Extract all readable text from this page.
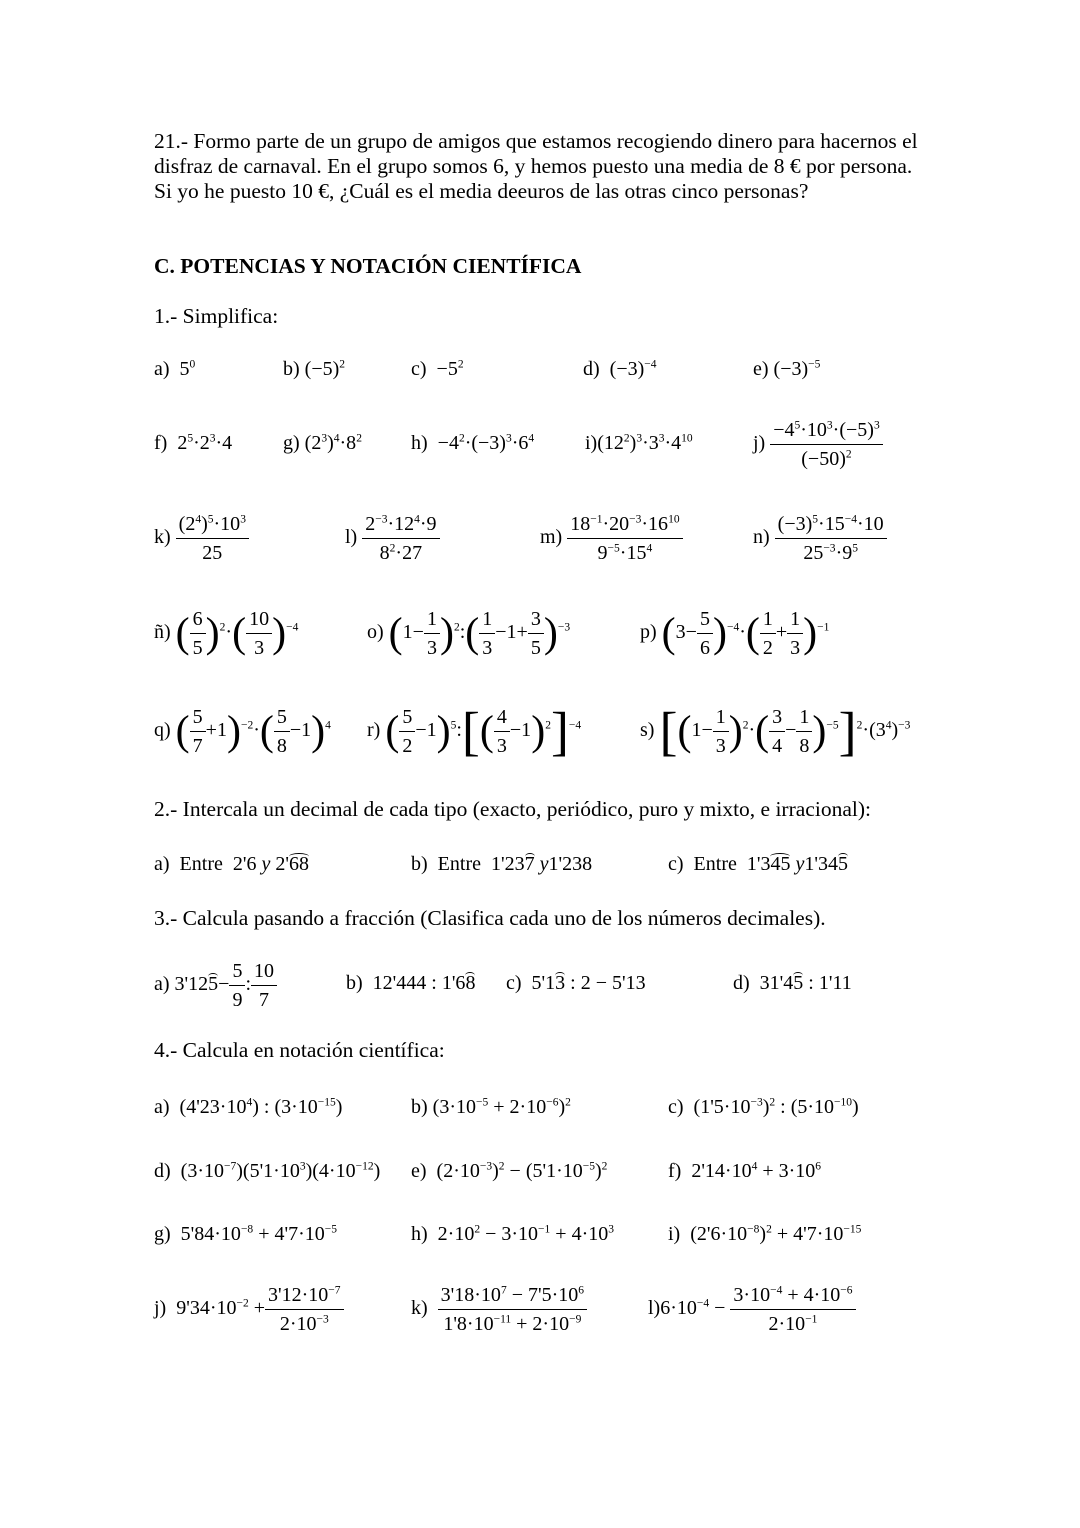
21.- Formo parte de un grupo de amigos que estamos recogiendo dinero para hacernos el disfraz de carnaval. En el grupo somos 6, y hemos puesto una media de 8 € por persona. Si yo he puesto 10 €, ¿Cuál es el media deeuros de las otras cinco personas?
C. POTENCIAS Y NOTACIÓN CIENTÍFICA
1.- Simplifica:
a)  $5^0$	b) $(-5)^2$	$c) -5^2$	d)  $(-3)^{-4}$	e) $(-3)^{-5}$
f)  $2^5\cdot 2^3\cdot 4$	g) $(2^3)^4\cdot 8^2$ $h) -4^2\cdot(-3)^3\cdot 6^4$	$i)(12^2)^3\cdot 3^3\cdot 4^{10}$	$j) \frac{-4^5\cdot 10^3\cdot(-5)^3}{(-50)^2}$
$k) \frac{(2^4)^5\cdot 10^3}{25}$	$l) \frac{2^{-3}\cdot 12^4\cdot 9}{8^2\cdot 27}$	$m) \frac{18^{-1}\cdot 20^{-3}\cdot 16^{10}}{9^{-5}\cdot 15^4}$	$n) \frac{(-3)^5\cdot 15^{-4}\cdot 10}{25^{-3}\cdot 9^5}$
ñ) ( $\frac{6}{5} )^2\cdot( \frac{10}{3} )^{-4}$	o) ($1- \frac{1}{3}$ )$^2:( \frac{1}{3} -1+ \frac{3}{5} )^{-3}$	p) $(3- \frac{5}{6} )^{-4}\cdot( \frac{1}{2} + \frac{1}{3} )^{-1}$
q) ( $\frac{5}{7} +1)^{-2}\cdot( \frac{5}{8} -1)^4$ r) ( $\frac{5}{2}$ −1)$^5$:[( $\frac{4}{3} -1)^2]^{-4}$	s) $[(1- \frac{1}{3} )^2\cdot( \frac{3}{4} - \frac{1}{8} )^{-5}]^2\cdot(3^4)^{-3}$
2.- Intercala un decimal de cada tipo (exacto, periódico, puro y mixto, e irracional):
a) Entre  2'6 y 2'68	b) Entre  1'237 y1'238	c) Entre  1'345 y1'345
3.- Calcula pasando a fracción (Clasifica cada uno de los números decimales).
a) $3'125- \frac{5}{9}$ : $\frac{10}{7}$	b)  12'444 : 1'68 c)  5'13 : 2 − 5'13	d)  31'45 : 1'11
4.- Calcula en notación científica:
a)  $(4'23\cdot 10^4)$ : $(3\cdot 10^{-15})$	b) $(3\cdot 10^{-5} + 2\cdot 10^{-6})^2$	c)  $(1'5\cdot 10^{-3})^2$ : $(5\cdot 10^{-10})$
d)  $(3\cdot 10^{-7})(5'1\cdot 10^3)(4\cdot 10^{-12})$ e)  $(2\cdot 10^{-3})^2 - (5'1\cdot 10^{-5})^2$	f)  $2'14\cdot 10^4 + 3\cdot 10^6$
g)  $5'84\cdot 10^{-8} + 4'7\cdot 10^{-5}$	h)  $2\cdot 10^2 - 3\cdot 10^{-1} + 4\cdot 10^3$	i)  $(2'6\cdot 10^{-8})^2 + 4'7\cdot 10^{-15}$
j)  $9'34\cdot 10^{-2} + \frac{3'12\cdot 10^{-7}}{2\cdot 10^{-3}}$	$k) \frac{3'18\cdot 10^7 - 7'5\cdot 10^6}{1'8\cdot 10^{-11} + 2\cdot 10^{-9}}$	$l)6\cdot 10^{-4} - \frac{3\cdot 10^{-4} + 4\cdot 10^{-6}}{2\cdot 10^{-1}}$
